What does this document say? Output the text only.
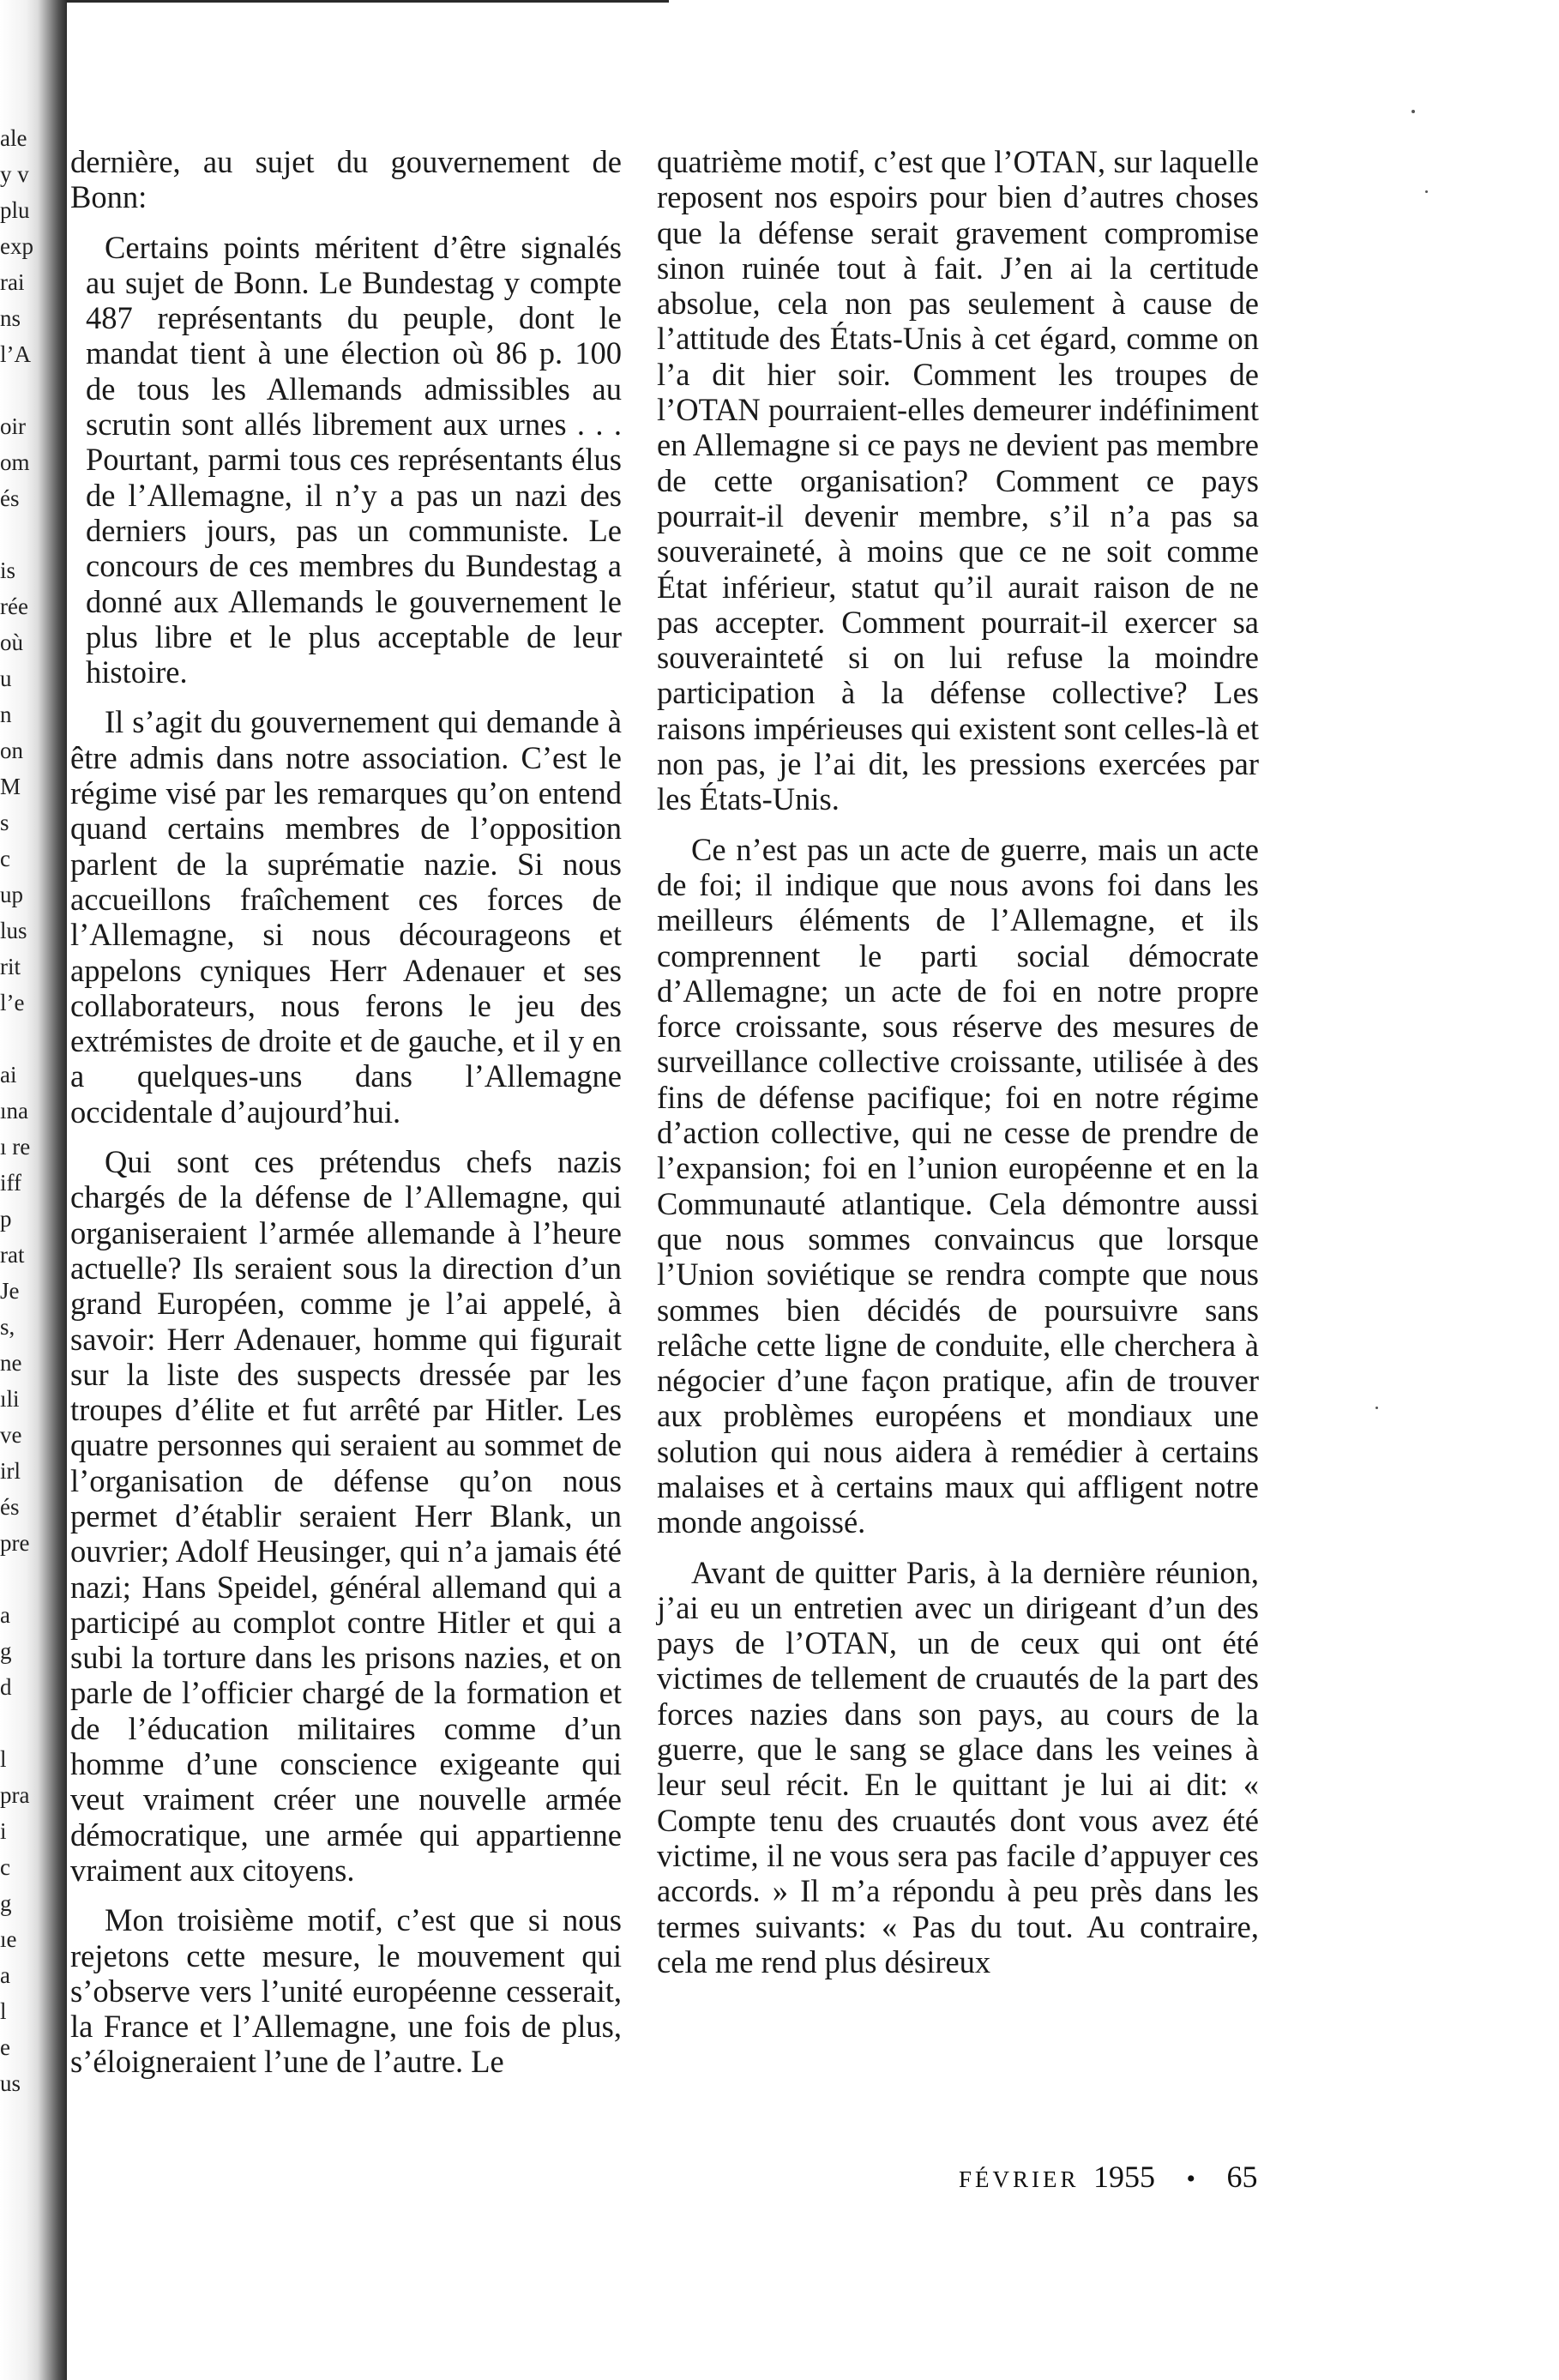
ale
y v
plu
exp
rai
ns
l’A

oir
om
és

is
rée
où
u
n
on
M
s
c
up
lus
rit
l’e

ai
ına
ı re
iff
p
rat
Je
s,
ne
ıli
ve
irl
és
pre

a
g
d

l
pra
i
c
g
ıe
a
l
e
us

dernière, au sujet du gouvernement de Bonn:

Certains points méritent d’être signalés au sujet de Bonn. Le Bundestag y compte 487 représentants du peuple, dont le mandat tient à une élection où 86 p. 100 de tous les Allemands admissibles au scrutin sont allés librement aux urnes . . . Pourtant, parmi tous ces représentants élus de l’Allemagne, il n’y a pas un nazi des derniers jours, pas un communiste. Le concours de ces membres du Bundestag a donné aux Allemands le gouvernement le plus libre et le plus acceptable de leur histoire.

Il s’agit du gouvernement qui demande à être admis dans notre association. C’est le régime visé par les remarques qu’on entend quand certains membres de l’opposition parlent de la suprématie nazie. Si nous accueillons fraîchement ces forces de l’Allemagne, si nous décourageons et appelons cyniques Herr Adenauer et ses collaborateurs, nous ferons le jeu des extrémistes de droite et de gauche, et il y en a quelques-uns dans l’Allemagne occidentale d’aujourd’hui.

Qui sont ces prétendus chefs nazis chargés de la défense de l’Allemagne, qui organiseraient l’armée allemande à l’heure actuelle? Ils seraient sous la direction d’un grand Européen, comme je l’ai appelé, à savoir: Herr Adenauer, homme qui figurait sur la liste des suspects dressée par les troupes d’élite et fut arrêté par Hitler. Les quatre personnes qui seraient au sommet de l’organisation de défense qu’on nous permet d’établir seraient Herr Blank, un ouvrier; Adolf Heusinger, qui n’a jamais été nazi; Hans Speidel, général allemand qui a participé au complot contre Hitler et qui a subi la torture dans les prisons nazies, et on parle de l’officier chargé de la formation et de l’éducation militaires comme d’un homme d’une conscience exigeante qui veut vraiment créer une nouvelle armée démocratique, une armée qui appartienne vraiment aux citoyens.

Mon troisième motif, c’est que si nous rejetons cette mesure, le mouvement qui s’observe vers l’unité européenne cesserait, la France et l’Allemagne, une fois de plus, s’éloigneraient l’une de l’autre. Le

quatrième motif, c’est que l’OTAN, sur laquelle reposent nos espoirs pour bien d’autres choses que la défense serait gravement compromise sinon ruinée tout à fait. J’en ai la certitude absolue, cela non pas seulement à cause de l’attitude des États-Unis à cet égard, comme on l’a dit hier soir. Comment les troupes de l’OTAN pourraient-elles demeurer indéfiniment en Allemagne si ce pays ne devient pas membre de cette organisation? Comment ce pays pourrait-il devenir membre, s’il n’a pas sa souveraineté, à moins que ce ne soit comme État inférieur, statut qu’il aurait raison de ne pas accepter. Comment pourrait-il exercer sa souverainteté si on lui refuse la moindre participation à la défense collective? Les raisons impérieuses qui existent sont celles-là et non pas, je l’ai dit, les pressions exercées par les États-Unis.

Ce n’est pas un acte de guerre, mais un acte de foi; il indique que nous avons foi dans les meilleurs éléments de l’Allemagne, et ils comprennent le parti social démocrate d’Allemagne; un acte de foi en notre propre force croissante, sous réserve des mesures de surveillance collective croissante, utilisée à des fins de défense pacifique; foi en notre régime d’action collective, qui ne cesse de prendre de l’expansion; foi en l’union européenne et en la Communauté atlantique. Cela démontre aussi que nous sommes convaincus que lorsque l’Union soviétique se rendra compte que nous sommes bien décidés de poursuivre sans relâche cette ligne de conduite, elle cherchera à négocier d’une façon pratique, afin de trouver aux problèmes européens et mondiaux une solution qui nous aidera à remédier à certains malaises et à certains maux qui affligent notre monde angoissé.

Avant de quitter Paris, à la dernière réunion, j’ai eu un entretien avec un dirigeant d’un des pays de l’OTAN, un de ceux qui ont été victimes de tellement de cruautés de la part des forces nazies dans son pays, au cours de la guerre, que le sang se glace dans les veines à leur seul récit. En le quittant je lui ai dit: « Compte tenu des cruautés dont vous avez été victime, il ne vous sera pas facile d’appuyer ces accords. » Il m’a répondu à peu près dans les termes suivants: « Pas du tout. Au contraire, cela me rend plus désireux

FÉVRIER 1955 • 65
